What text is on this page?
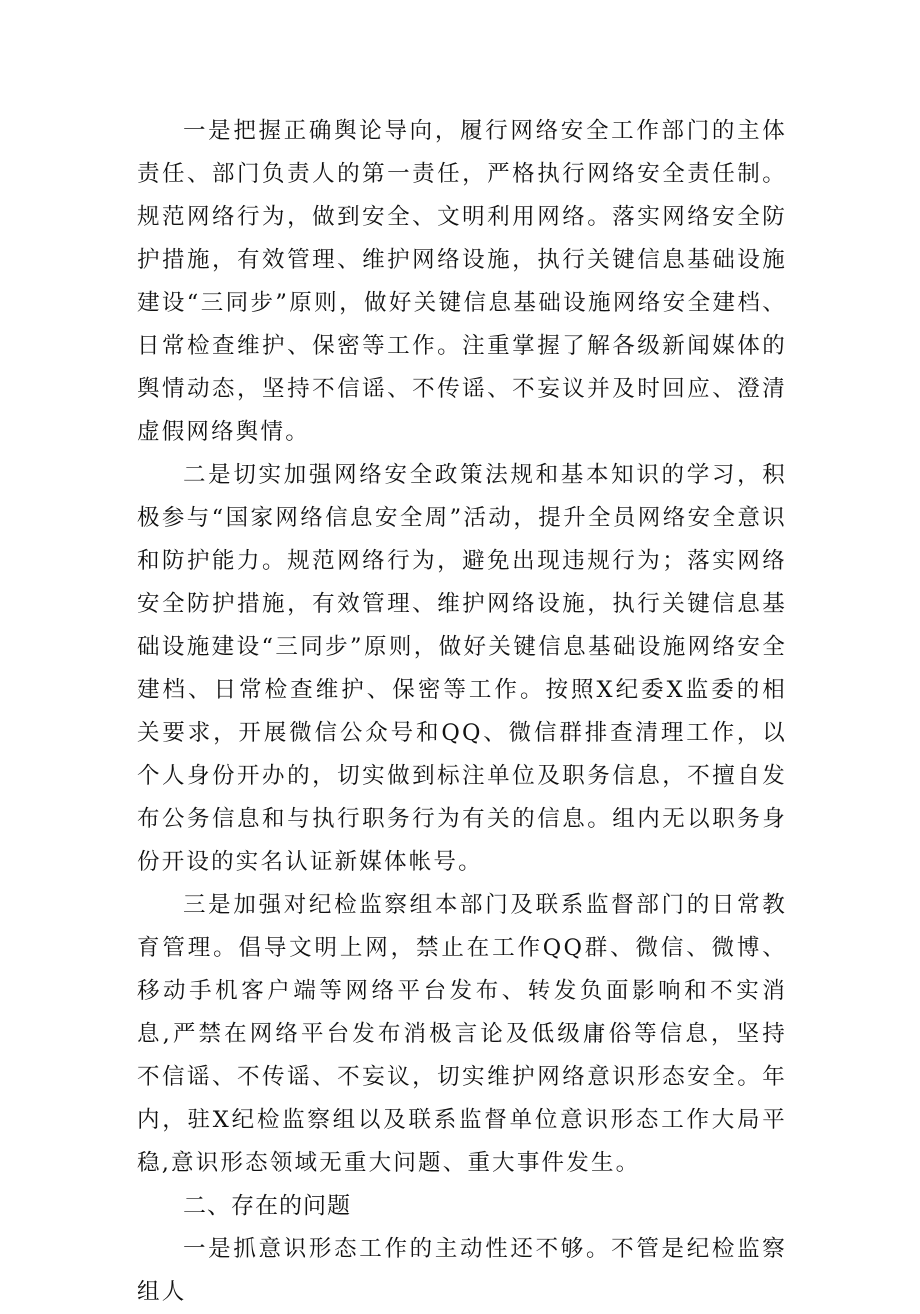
一是把握正确舆论导向，履行网络安全工作部门的主体责任、部门负责人的第一责任，严格执行网络安全责任制。规范网络行为，做到安全、文明利用网络。落实网络安全防护措施，有效管理、维护网络设施，执行关键信息基础设施建设“三同步”原则，做好关键信息基础设施网络安全建档、日常检查维护、保密等工作。注重掌握了解各级新闻媒体的舆情动态，坚持不信谣、不传谣、不妄议并及时回应、澄清虚假网络舆情。

二是切实加强网络安全政策法规和基本知识的学习，积极参与“国家网络信息安全周”活动，提升全员网络安全意识和防护能力。规范网络行为，避免出现违规行为；落实网络安全防护措施，有效管理、维护网络设施，执行关键信息基础设施建设“三同步”原则，做好关键信息基础设施网络安全建档、日常检查维护、保密等工作。按照X纪委X监委的相关要求，开展微信公众号和QQ、微信群排查清理工作，以个人身份开办的，切实做到标注单位及职务信息，不擅自发布公务信息和与执行职务行为有关的信息。组内无以职务身份开设的实名认证新媒体帐号。

三是加强对纪检监察组本部门及联系监督部门的日常教育管理。倡导文明上网，禁止在工作QQ群、微信、微博、移动手机客户端等网络平台发布、转发负面影响和不实消息,严禁在网络平台发布消极言论及低级庸俗等信息，坚持不信谣、不传谣、不妄议，切实维护网络意识形态安全。年内，驻X纪检监察组以及联系监督单位意识形态工作大局平稳,意识形态领域无重大问题、重大事件发生。

二、存在的问题

一是抓意识形态工作的主动性还不够。不管是纪检监察组人
